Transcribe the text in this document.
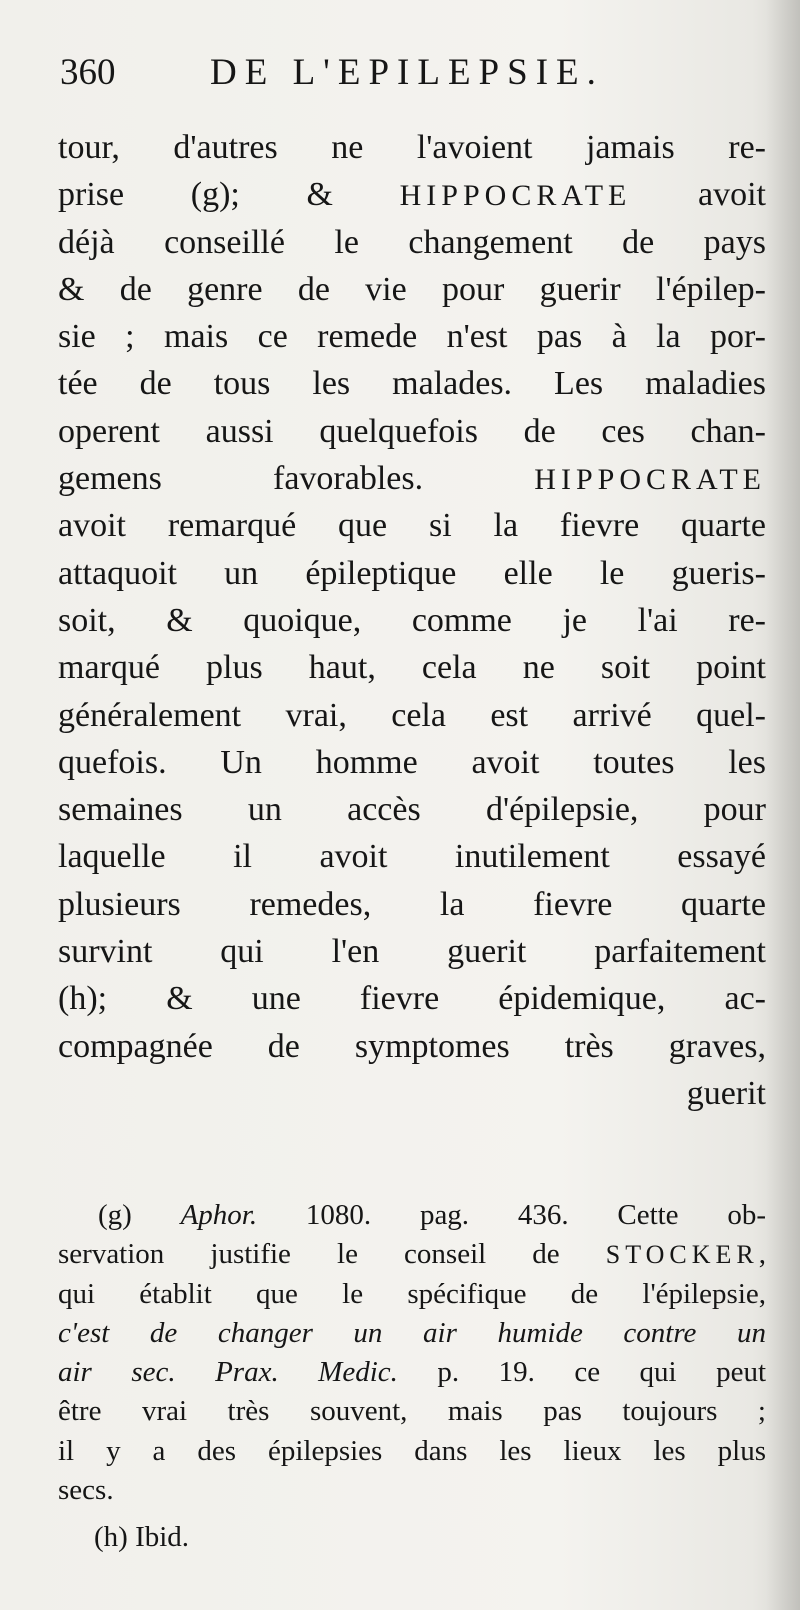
360	DE L'EPILEPSIE.
tour, d'autres ne l'avoient jamais re-
prise (g); & HIPPOCRATE avoit
déjà conseillé le changement de pays
& de genre de vie pour guerir l'épilep-
sie ; mais ce remede n'est pas à la por-
tée de tous les malades. Les maladies
operent aussi quelquefois de ces chan-
gemens favorables. HIPPOCRATE
avoit remarqué que si la fievre quarte
attaquoit un épileptique elle le gueris-
soit, & quoique, comme je l'ai re-
marqué plus haut, cela ne soit point
généralement vrai, cela est arrivé quel-
quefois. Un homme avoit toutes les
semaines un accès d'épilepsie, pour
laquelle il avoit inutilement essayé
plusieurs remedes, la fievre quarte
survint qui l'en guerit parfaitement
(h); & une fievre épidemique, ac-
compagnée de symptomes très graves,
guerit
(g) Aphor. 1080. pag. 436. Cette ob-
servation justifie le conseil de STOCKER,
qui établit que le spécifique de l'épilepsie,
c'est de changer un air humide contre un
air sec. Prax. Medic. p. 19. ce qui peut
être vrai très souvent, mais pas toujours ;
il y a des épilepsies dans les lieux les plus
secs.
(h) Ibid.
